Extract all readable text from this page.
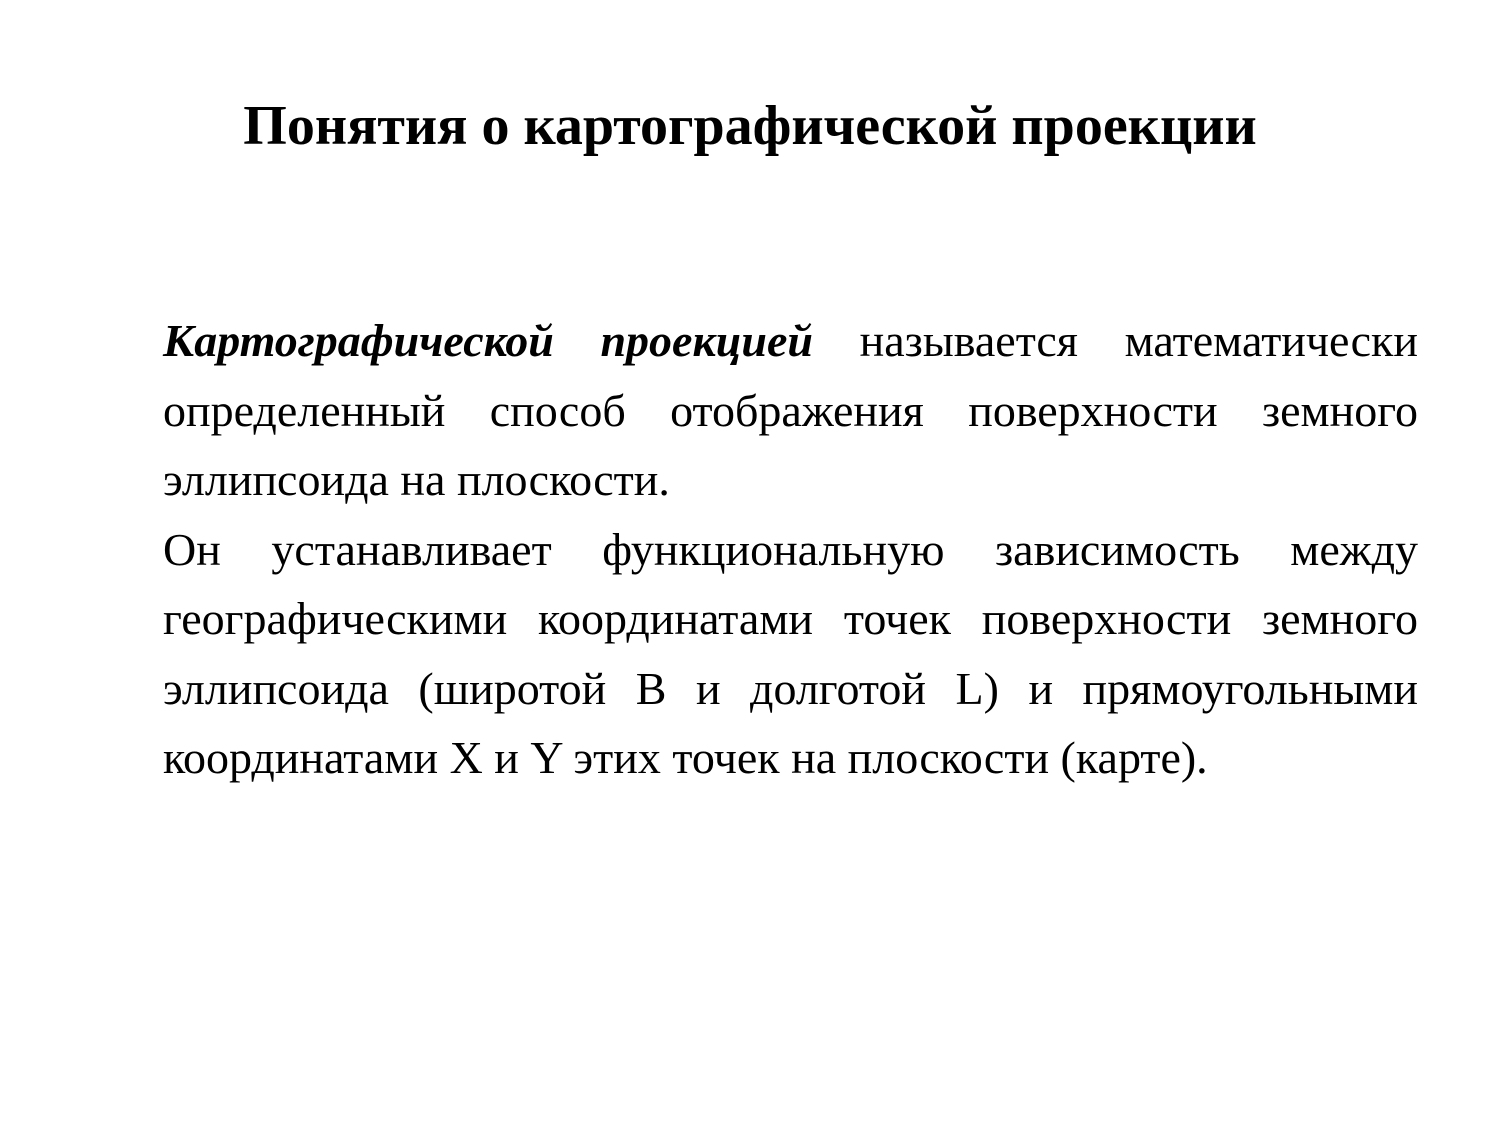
Понятия о картографической проекции

Картографической проекцией называется математически определенный способ отображения поверхности земного эллипсоида на плоскости.

Он устанавливает функциональную зависимость между географическими координатами точек поверхности земного эллипсоида (широтой B и долготой L) и прямоугольными координатами X и Y этих точек на плоскости (карте).
